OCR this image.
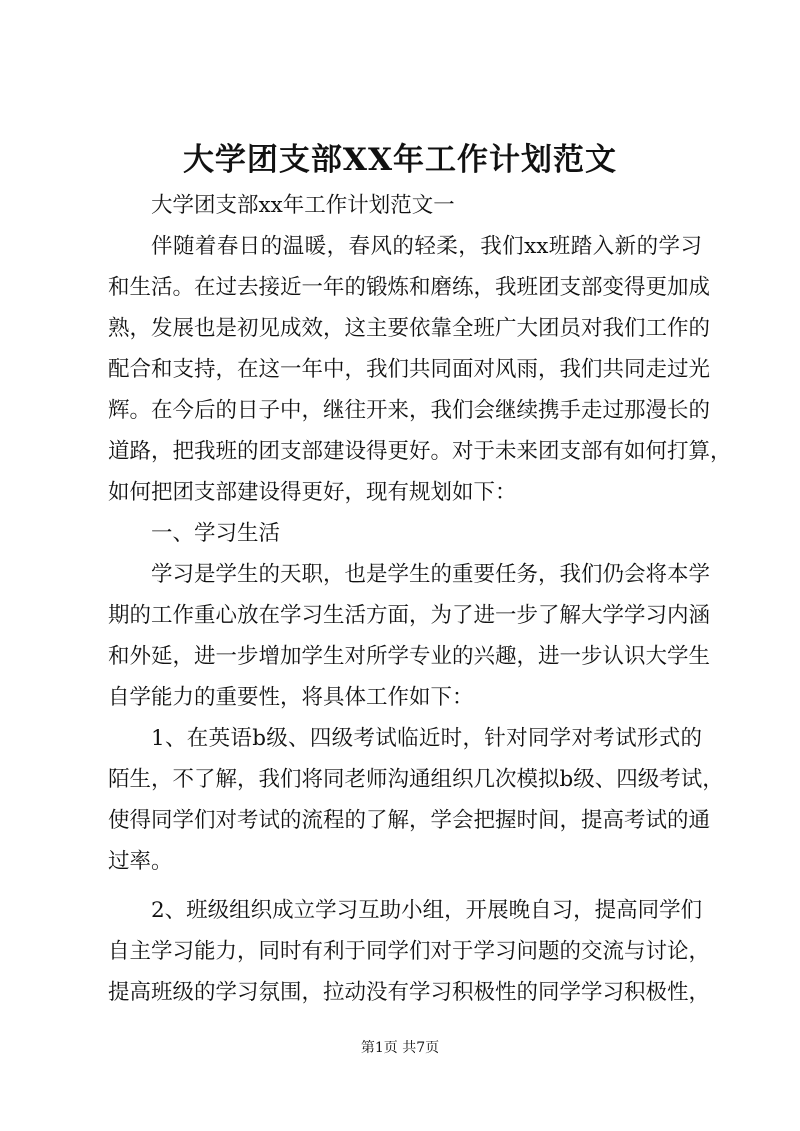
大学团支部XX年工作计划范文

大学团支部xx年工作计划范文一

伴随着春日的温暖，春风的轻柔，我们xx班踏入新的学习

和生活。在过去接近一年的锻炼和磨练，我班团支部变得更加成

熟，发展也是初见成效，这主要依靠全班广大团员对我们工作的

配合和支持，在这一年中，我们共同面对风雨，我们共同走过光

辉。在今后的日子中，继往开来，我们会继续携手走过那漫长的

道路，把我班的团支部建设得更好。对于未来团支部有如何打算，

如何把团支部建设得更好，现有规划如下：

一、学习生活

学习是学生的天职，也是学生的重要任务，我们仍会将本学

期的工作重心放在学习生活方面，为了进一步了解大学学习内涵

和外延，进一步增加学生对所学专业的兴趣，进一步认识大学生

自学能力的重要性，将具体工作如下：

1、在英语b级、四级考试临近时，针对同学对考试形式的

陌生，不了解，我们将同老师沟通组织几次模拟b级、四级考试，

使得同学们对考试的流程的了解，学会把握时间，提高考试的通

过率。

2、班级组织成立学习互助小组，开展晚自习，提高同学们

自主学习能力，同时有利于同学们对于学习问题的交流与讨论，

提高班级的学习氛围，拉动没有学习积极性的同学学习积极性，

第1页 共7页
